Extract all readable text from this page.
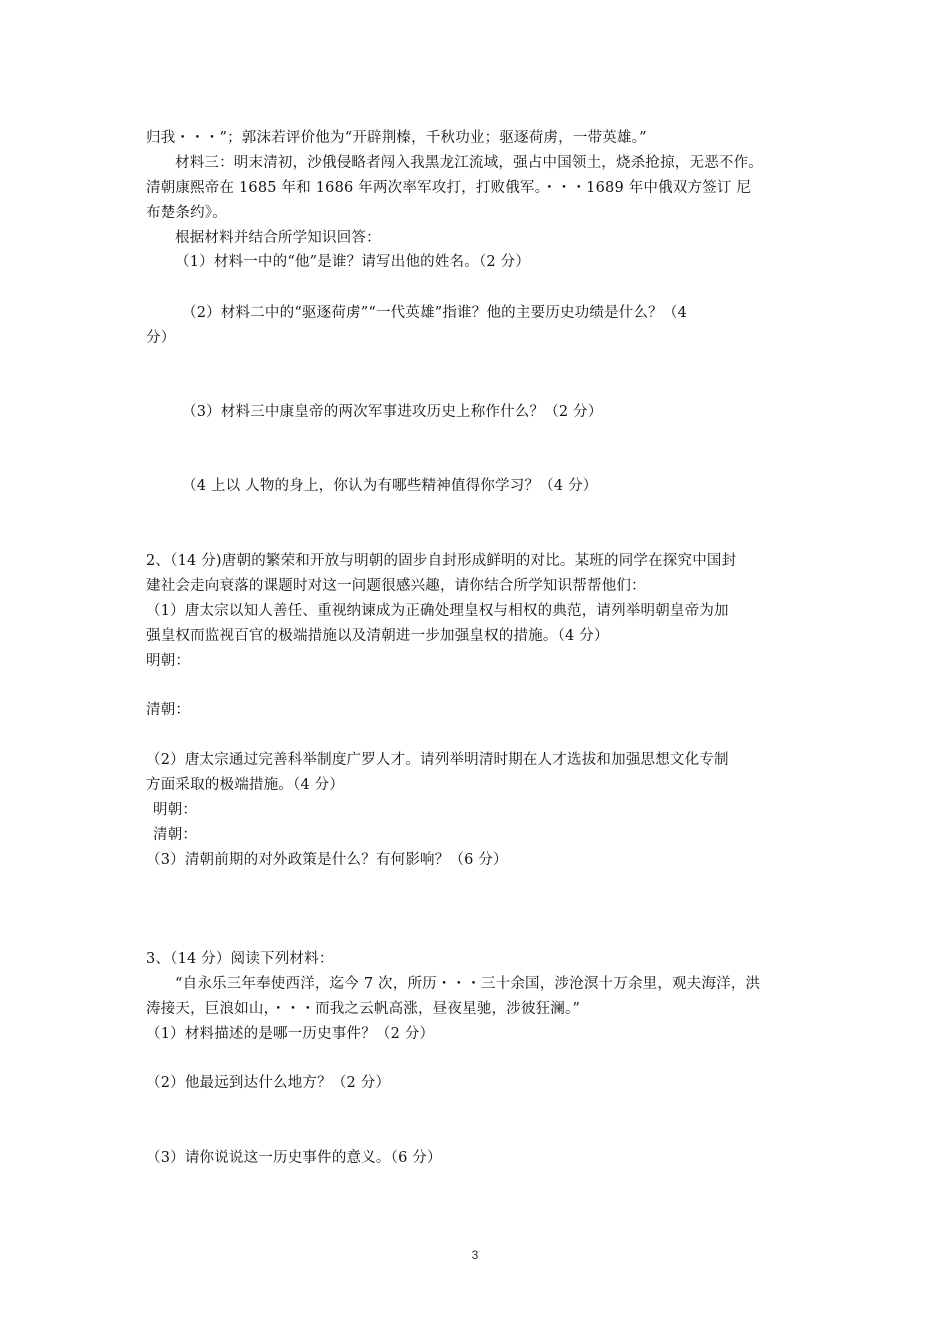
归我・・・”；郭沫若评价他为“开辟荆榛，千秋功业；驱逐荷虏，一带英雄。”
材料三：明末清初，沙俄侵略者闯入我黑龙江流域，强占中国领土，烧杀抢掠，无恶不作。
清朝康熙帝在 1685 年和 1686 年两次率军攻打，打败俄军。・・・1689 年中俄双方签订 尼
布楚条约》。
根据材料并结合所学知识回答：
（1）材料一中的“他”是谁？请写出他的姓名。（2 分）
（2）材料二中的“驱逐荷虏”“一代英雄”指谁？他的主要历史功绩是什么？（4
分）
（3）材料三中康皇帝的两次军事进攻历史上称作什么？（2 分）
（4 上以 人物的身上，你认为有哪些精神值得你学习？（4 分）
2、（14 分)唐朝的繁荣和开放与明朝的固步自封形成鲜明的对比。某班的同学在探究中国封
建社会走向衰落的课题时对这一问题很感兴趣，请你结合所学知识帮帮他们：
（1）唐太宗以知人善任、重视纳谏成为正确处理皇权与相权的典范，请列举明朝皇帝为加
强皇权而监视百官的极端措施以及清朝进一步加强皇权的措施。（4 分）
明朝：
清朝：
（2）唐太宗通过完善科举制度广罗人才。请列举明清时期在人才选拔和加强思想文化专制
方面采取的极端措施。（4 分）
明朝：
清朝：
（3）清朝前期的对外政策是什么？有何影响？（6 分）
3、（14 分）阅读下列材料：
“自永乐三年奉使西洋，迄今 7 次，所历・・・三十余国，涉沧溟十万余里，观夫海洋，洪
涛接天，巨浪如山，・・・而我之云帆高涨，昼夜星驰，涉彼狂澜。”
（1）材料描述的是哪一历史事件？（2 分）
（2）他最远到达什么地方？（2 分）
（3）请你说说这一历史事件的意义。（6 分）
3
